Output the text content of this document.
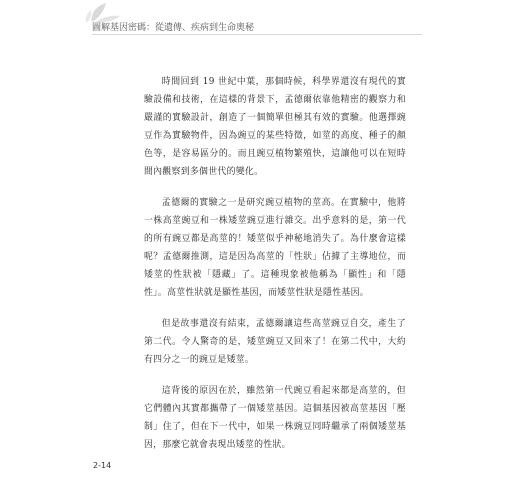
圖解基因密碼：從遺傳、疾病到生命奧秘

時間回到 19 世紀中葉，那個時候，科學界還沒有現代的實驗設備和技術，在這樣的背景下，孟德爾依靠他精密的觀察力和嚴謹的實驗設計，創造了一個簡單但極其有效的實驗。他選擇豌豆作為實驗物件，因為豌豆的某些特徵，如莖的高度、種子的顏色等，是容易區分的。而且豌豆植物繁殖快，這讓他可以在短時間內觀察到多個世代的變化。

孟德爾的實驗之一是研究豌豆植物的莖高。在實驗中，他將一株高莖豌豆和一株矮莖豌豆進行雜交。出乎意料的是，第一代的所有豌豆都是高莖的！矮莖似乎神秘地消失了。為什麼會這樣呢？孟德爾推測，這是因為高莖的「性狀」佔據了主導地位，而矮莖的性狀被「隱藏」了。這種現象被他稱為「顯性」和「隱性」。高莖性狀就是顯性基因，而矮莖性狀是隱性基因。

但是故事還沒有結束，孟德爾讓這些高莖豌豆自交，產生了第二代。令人驚奇的是，矮莖豌豆又回來了！在第二代中，大約有四分之一的豌豆是矮莖。

這背後的原因在於，雖然第一代豌豆看起來都是高莖的，但它們體內其實都攜帶了一個矮莖基因。這個基因被高莖基因「壓制」住了，但在下一代中，如果一株豌豆同時繼承了兩個矮莖基因，那麼它就會表現出矮莖的性狀。

2-14
